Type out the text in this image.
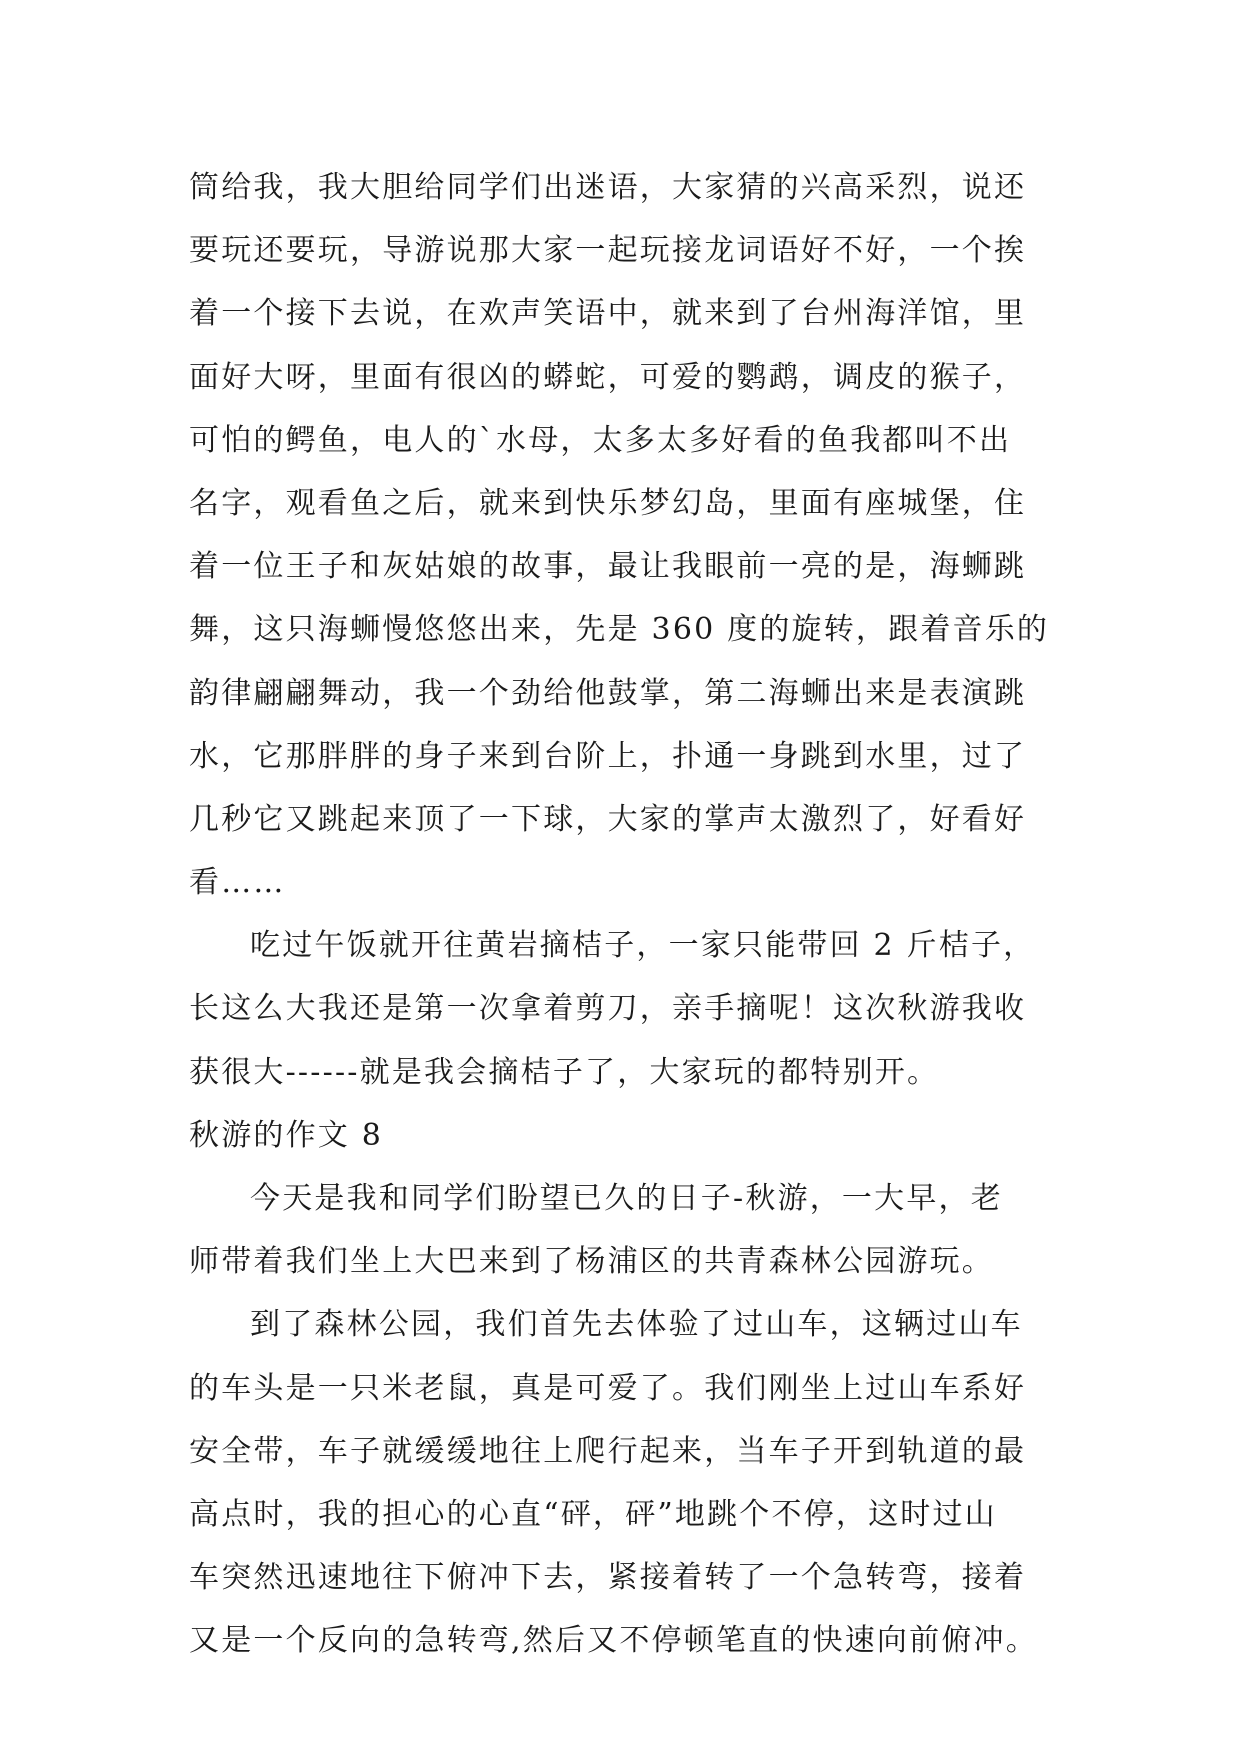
筒给我，我大胆给同学们出迷语，大家猜的兴高采烈，说还
要玩还要玩，导游说那大家一起玩接龙词语好不好，一个挨
着一个接下去说，在欢声笑语中，就来到了台州海洋馆，里
面好大呀，里面有很凶的蟒蛇，可爱的鹦鹉，调皮的猴子，
可怕的鳄鱼，电人的`水母，太多太多好看的鱼我都叫不出
名字，观看鱼之后，就来到快乐梦幻岛，里面有座城堡，住
着一位王子和灰姑娘的故事，最让我眼前一亮的是，海蛳跳
舞，这只海蛳慢悠悠出来，先是 360 度的旋转，跟着音乐的
韵律翩翩舞动，我一个劲给他鼓掌，第二海蛳出来是表演跳
水，它那胖胖的身子来到台阶上，扑通一身跳到水里，过了
几秒它又跳起来顶了一下球，大家的掌声太激烈了，好看好
看……
吃过午饭就开往黄岩摘桔子，一家只能带回 2 斤桔子，
长这么大我还是第一次拿着剪刀，亲手摘呢！这次秋游我收
获很大------就是我会摘桔子了，大家玩的都特别开。
秋游的作文 8
今天是我和同学们盼望已久的日子-秋游，一大早，老
师带着我们坐上大巴来到了杨浦区的共青森林公园游玩。
到了森林公园，我们首先去体验了过山车，这辆过山车
的车头是一只米老鼠，真是可爱了。我们刚坐上过山车系好
安全带，车子就缓缓地往上爬行起来，当车子开到轨道的最
高点时，我的担心的心直“砰，砰”地跳个不停，这时过山
车突然迅速地往下俯冲下去，紧接着转了一个急转弯，接着
又是一个反向的急转弯,然后又不停顿笔直的快速向前俯冲。
